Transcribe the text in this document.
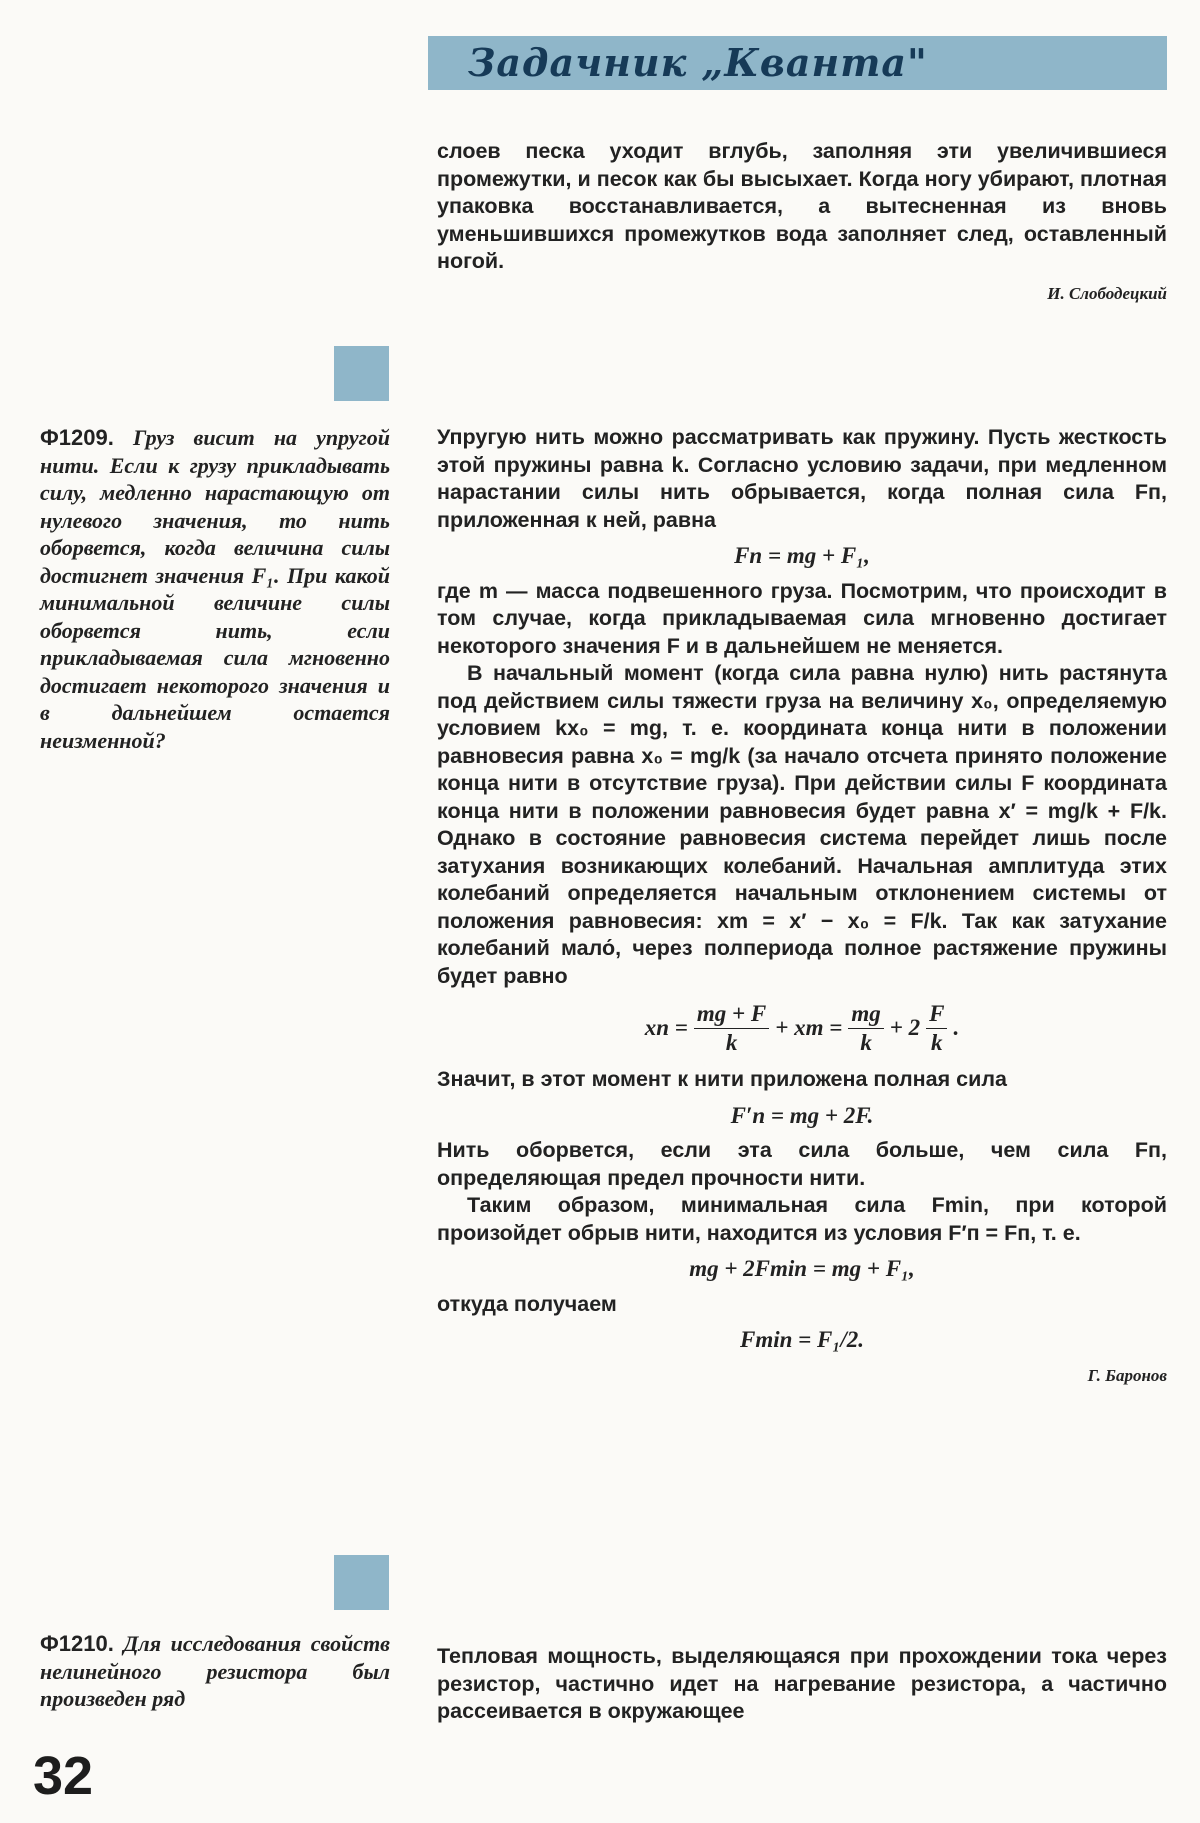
Задачник „Кванта"

слоев песка уходит вглубь, заполняя эти увеличившиеся промежутки, и песок как бы высыхает. Когда ногу убирают, плотная упаковка восстанавливается, а вытесненная из вновь уменьшившихся промежутков вода заполняет след, оставленный ногой.

И. Слободецкий
Ф1209. Груз висит на упругой нити. Если к грузу прикладывать силу, медленно нарастающую от нулевого значения, то нить оборвется, когда величина силы достигнет значения F₁. При какой минимальной величине силы оборвется нить, если прикладываемая сила мгновенно достигает некоторого значения и в дальнейшем остается неизменной?

Упругую нить можно рассматривать как пружину. Пусть жесткость этой пружины равна k. Согласно условию задачи, при медленном нарастании силы нить обрывается, когда полная сила Fп, приложенная к ней, равна

Fп = mg + F₁,

где m — масса подвешенного груза. Посмотрим, что происходит в том случае, когда прикладываемая сила мгновенно достигает некоторого значения F и в дальнейшем не меняется.

В начальный момент (когда сила равна нулю) нить растянута под действием силы тяжести груза на величину x₀, определяемую условием kx₀ = mg, т. е. координата конца нити в положении равновесия равна x₀ = mg/k (за начало отсчета принято положение конца нити в отсутствие груза). При действии силы F координата конца нити в положении равновесия будет равна x′ = mg/k + F/k. Однако в состояние равновесия система перейдет лишь после затухания возникающих колебаний. Начальная амплитуда этих колебаний определяется начальным отклонением системы от положения равновесия: xm = x′ − x₀ = F/k. Так как затухание колебаний мало́, через полпериода полное растяжение пружины будет равно

xп = $\frac{mg + F}{k}$ + xm = $\frac{mg}{k} + 2 \frac{F}{k}$ .

Значит, в этот момент к нити приложена полная сила

F′п = mg + 2F.

Нить оборвется, если эта сила больше, чем сила Fп, определяющая предел прочности нити.

Таким образом, минимальная сила Fmin, при которой произойдет обрыв нити, находится из условия F′п = Fп, т. е.

mg + 2Fmin = mg + F₁,

откуда получаем

Fmin = F₁/2.
Г. Баронов
Ф1210. Для исследования свойств нелинейного резистора был произведен ряд

Тепловая мощность, выделяющаяся при прохождении тока через резистор, частично идет на нагревание резистора, а частично рассеивается в окружающее

32
